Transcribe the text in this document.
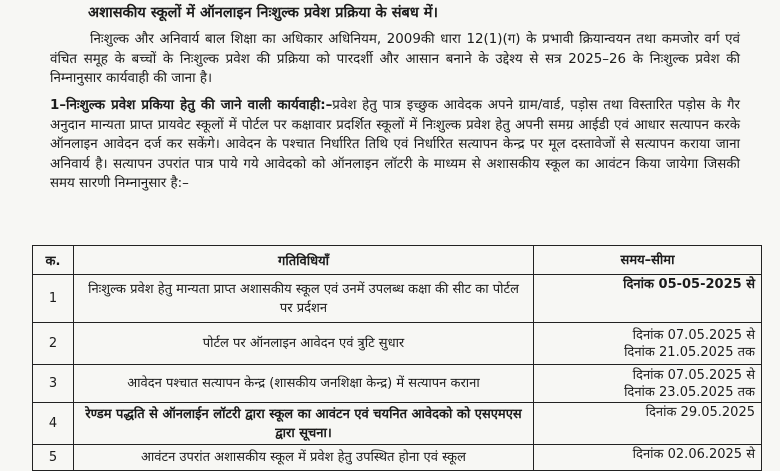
अशासकीय स्कूलों में ऑनलाइन निःशुल्क प्रवेश प्रक्रिया के संबध में।

निःशुल्क और अनिवार्य बाल शिक्षा का अधिकार अधिनियम, 2009की धारा 12(1)(ग) के प्रभावी क्रियान्वयन तथा कमजोर वर्ग एवं वंचित समूह के बच्चों क‌े निःशुल्क प्रवेश की प्रक्रिया को पारदर्शी और आसान बनाने के उद्देश्य से सत्र 2025–26 के निःशुल्क प्रवेश की निम्नानुसार कार्यवाही की जाना है।

1–निःशुल्क प्रवेश प्रकिया हेतु की जाने वाली कार्यवाही:–प्रवेश हेतु पात्र इच्छुक आवेदक अपने ग्राम/वार्ड, पड़ोस तथा विस्तारित पड़ोस के गैर अनुदान मान्यता प्राप्त प्रायवेट स्कूलों में पोर्टल पर कक्षावार प्रदर्शित स्कूलों में निःशुल्क प्रवेश हेतु अपनी समग्र आईडी एवं आधार सत्यापन करके ऑनलाइन आवेदन दर्ज कर सकेंगे। आवेदन के पश्चात निर्धारित तिथि एवं निर्धारित सत्यापन केन्द्र पर मूल दस्तावेजों से सत्यापन कराया जाना अनिवार्य है। सत्यापन उपरांत पात्र पाये गये आवेदको को ऑनलाइन लॉटरी के माध्यम से अशासकीय स्कूल का आवंटन किया जायेगा जिसकी समय सारणी निम्नानुसार है:–

क.	गतिविधियाँ	समय–सीमा
1	निःशुल्क प्रवेश हेतु मान्यता प्राप्त अशासकीय स्कूल एवं उनमें उपलब्ध कक्षा की सीट का पोर्टल पर प्रर्दशन	दिनांक 05-05-2025 से

2	पोर्टल पर ऑनलाइन आवेदन एवं त्रुटि सुधार	दिनांक 07.05.2025 से
दिनांक 21.05.2025 तक

3	आवेदन पश्चात सत्यापन केन्द्र (शासकीय जनशिक्षा केन्द्र) में सत्यापन कराना	दिनांक 07.05.2025 से
दिनांक 23.05.2025 तक

4	रेण्डम पद्धति से ऑनलाईन लॉटरी द्वारा स्कूल का आवंटन एवं चयनित आवेदको को एसएमएस द्वारा सूचना।	दिनांक 29.05.2025

5	आवंटन उपरांत अशासकीय स्कूल में प्रवेश हेतु उपस्थित होना एवं स्कूल	दिनांक 02.06.2025 से
